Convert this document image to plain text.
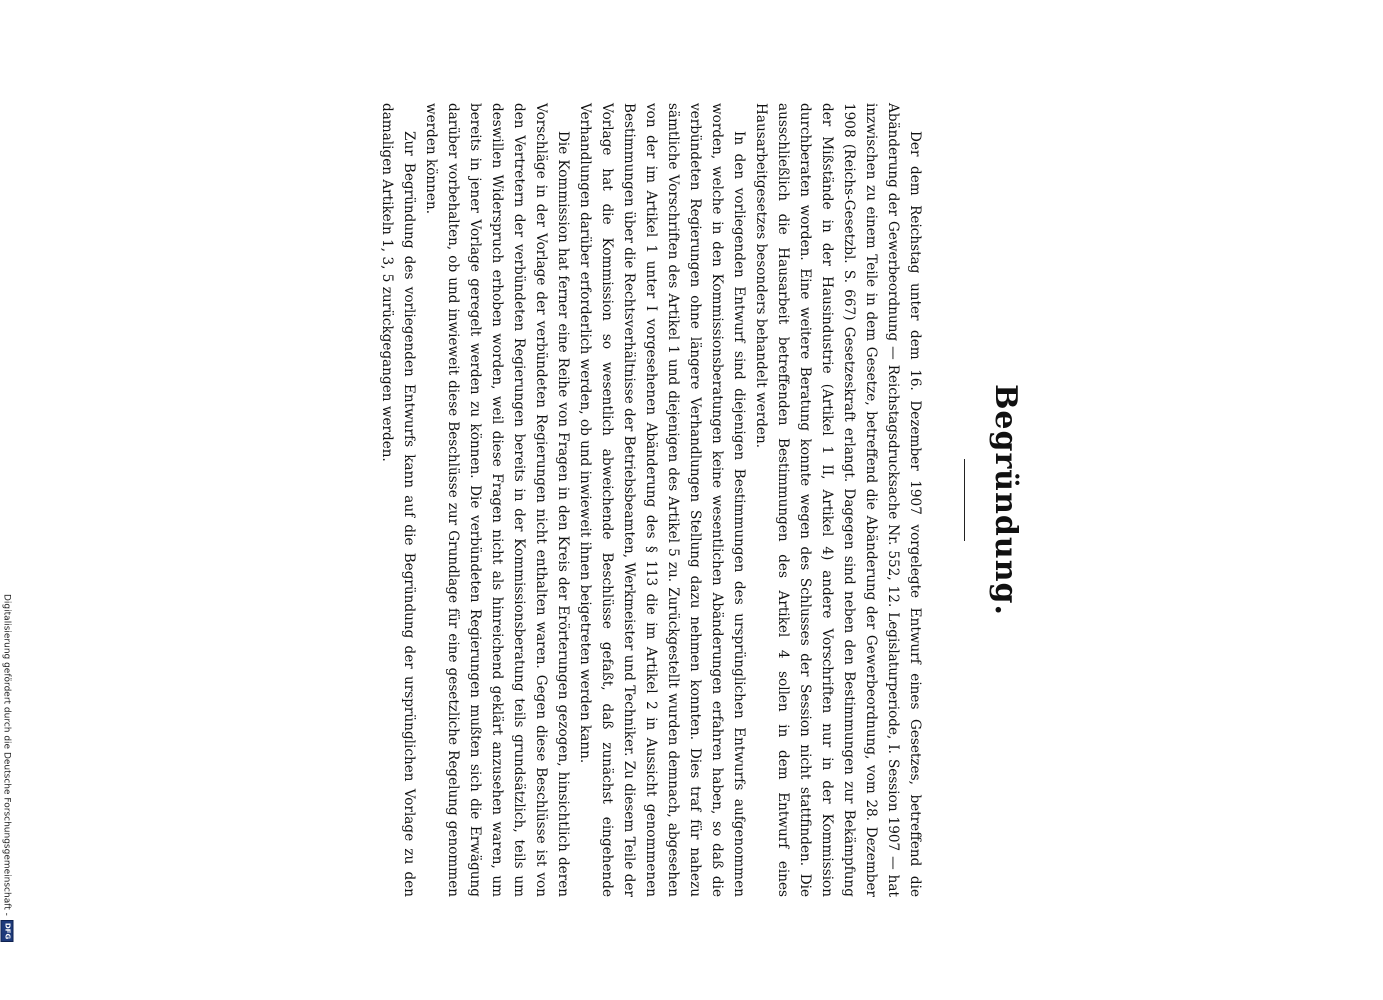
Begründung.

Der dem Reichstag unter dem 16. Dezember 1907 vorgelegte Entwurf eines Gesetzes, betreffend die Abänderung der Gewerbeordnung — Reichstagsdrucksache Nr. 552, 12. Legislaturperiode, I. Session 1907 — hat inzwischen zu einem Teile in dem Gesetze, betreffend die Abänderung der Gewerbeordnung, vom 28. Dezember 1908 (Reichs-Gesetzbl. S. 667) Gesetzeskraft erlangt. Dagegen sind neben den Bestimmungen zur Bekämpfung der Mißstände in der Hausindustrie (Artikel 1 II, Artikel 4) andere Vorschriften nur in der Kommission durchberaten worden. Eine weitere Beratung konnte wegen des Schlusses der Session nicht stattfinden. Die ausschließlich die Hausarbeit betreffenden Bestimmungen des Artikel 4 sollen in dem Entwurf eines Hausarbeitgesetzes besonders behandelt werden.

In den vorliegenden Entwurf sind diejenigen Bestimmungen des ursprünglichen Entwurfs aufgenommen worden, welche in den Kommissionsberatungen keine wesentlichen Abänderungen erfahren haben, so daß die verbündeten Regierungen ohne längere Verhandlungen Stellung dazu nehmen konnten. Dies traf für nahezu sämtliche Vorschriften des Artikel 1 und diejenigen des Artikel 5 zu. Zurückgestellt wurden demnach, abgesehen von der im Artikel 1 unter I vorgesehenen Abänderung des § 113 die im Artikel 2 in Aussicht genommenen Bestimmungen über die Rechtsverhältnisse der Betriebsbeamten, Werkmeister und Techniker. Zu diesem Teile der Vorlage hat die Kommission so wesentlich abweichende Beschlüsse gefaßt, daß zunächst eingehende Verhandlungen darüber erforderlich werden, ob und inwieweit ihnen beigetreten werden kann.

Die Kommission hat ferner eine Reihe von Fragen in den Kreis der Erörterungen gezogen, hinsichtlich deren Vorschläge in der Vorlage der verbündeten Regierungen nicht enthalten waren. Gegen diese Beschlüsse ist von den Vertretern der verbündeten Regierungen bereits in der Kommissionsberatung teils grundsätzlich, teils um deswillen Widerspruch erhoben worden, weil diese Fragen nicht als hinreichend geklärt anzusehen waren, um bereits in jener Vorlage geregelt werden zu können. Die verbündeten Regierungen mußten sich die Erwägung darüber vorbehalten, ob und inwieweit diese Beschlüsse zur Grundlage für eine gesetzliche Regelung genommen werden können.

Zur Begründung des vorliegenden Entwurfs kann auf die Begründung der ursprünglichen Vorlage zu den damaligen Artikeln 1, 3, 5 zurückgegangen werden.

Digitalisierung gefördert durch die Deutsche Forschungsgemeinschaft -
DFG
